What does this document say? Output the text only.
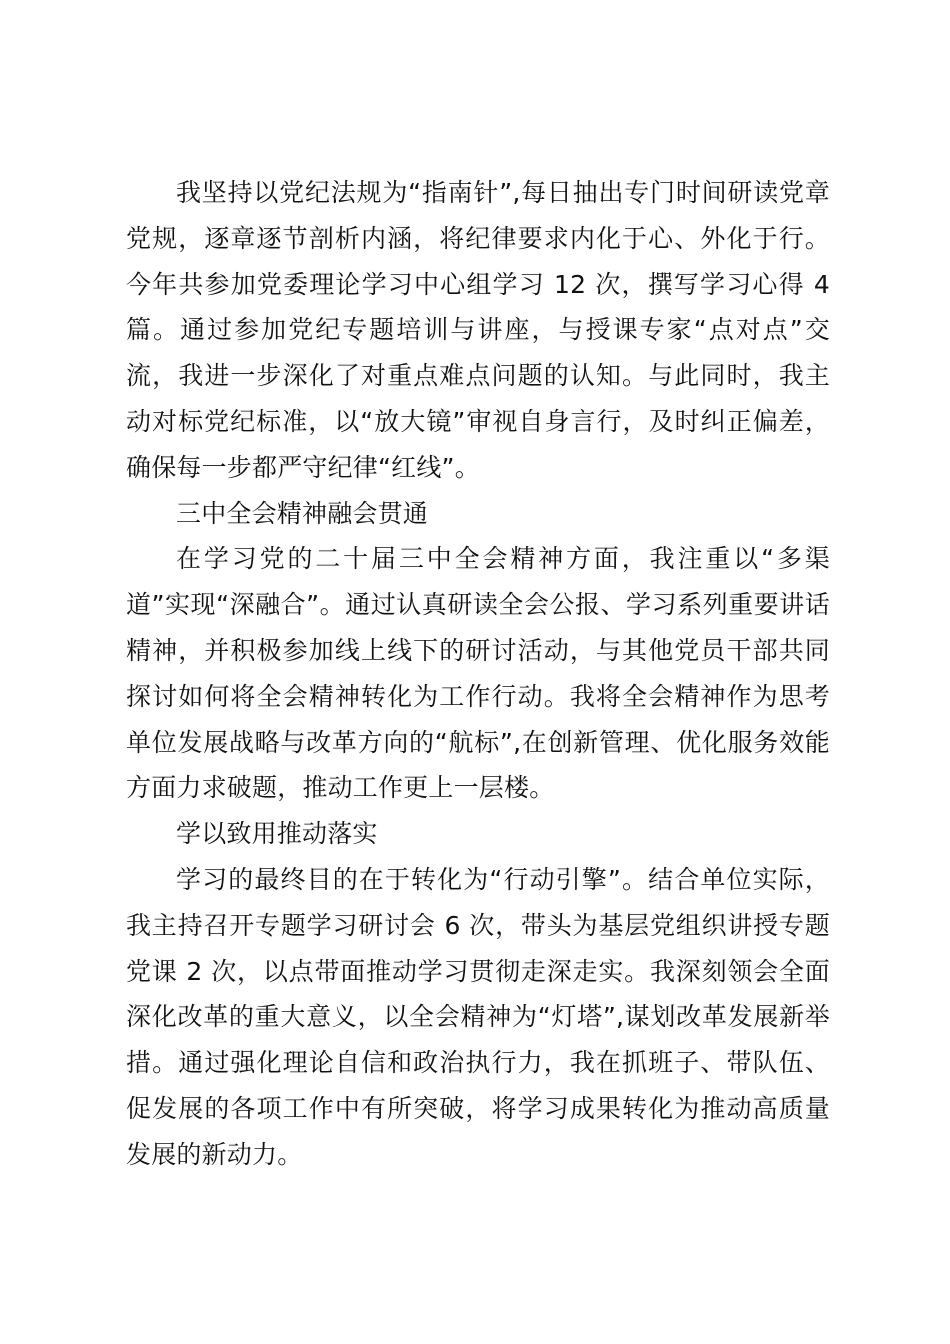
我坚持以党纪法规为“指南针”,每日抽出专门时间研读党章党规，逐章逐节剖析内涵，将纪律要求内化于心、外化于行。今年共参加党委理论学习中心组学习 12 次，撰写学习心得 4 篇。通过参加党纪专题培训与讲座，与授课专家“点对点”交流，我进一步深化了对重点难点问题的认知。与此同时，我主动对标党纪标准，以“放大镜”审视自身言行，及时纠正偏差，确保每一步都严守纪律“红线”。

三中全会精神融会贯通

在学习党的二十届三中全会精神方面，我注重以“多渠道”实现“深融合”。通过认真研读全会公报、学习系列重要讲话精神，并积极参加线上线下的研讨活动，与其他党员干部共同探讨如何将全会精神转化为工作行动。我将全会精神作为思考单位发展战略与改革方向的“航标”,在创新管理、优化服务效能方面力求破题，推动工作更上一层楼。

学以致用推动落实

学习的最终目的在于转化为“行动引擎”。结合单位实际，我主持召开专题学习研讨会 6 次，带头为基层党组织讲授专题党课 2 次，以点带面推动学习贯彻走深走实。我深刻领会全面深化改革的重大意义，以全会精神为“灯塔”,谋划改革发展新举措。通过强化理论自信和政治执行力，我在抓班子、带队伍、促发展的各项工作中有所突破，将学习成果转化为推动高质量发展的新动力。
